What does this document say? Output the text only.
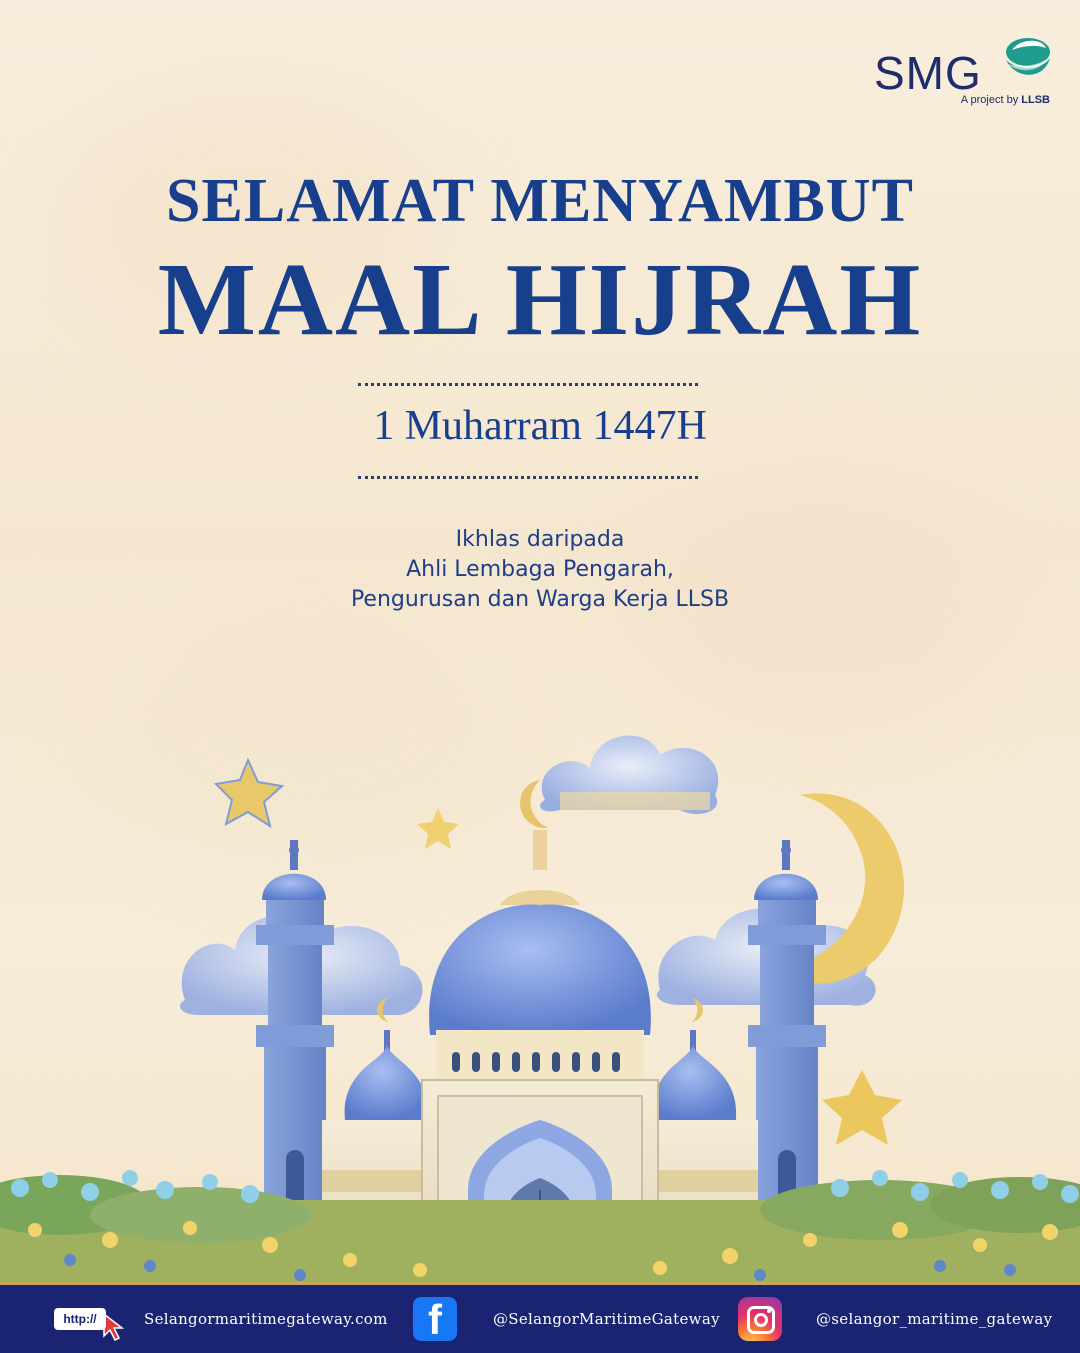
SMG
A project by LLSB
SELAMAT MENYAMBUT
MAAL HIJRAH
1 Muharram 1447H
Ikhlas daripada
Ahli Lembaga Pengarah,
Pengurusan dan Warga Kerja LLSB
http://	Selangormaritimegateway.com f	@SelangorMaritimeGateway	@selangor_maritime_gateway
